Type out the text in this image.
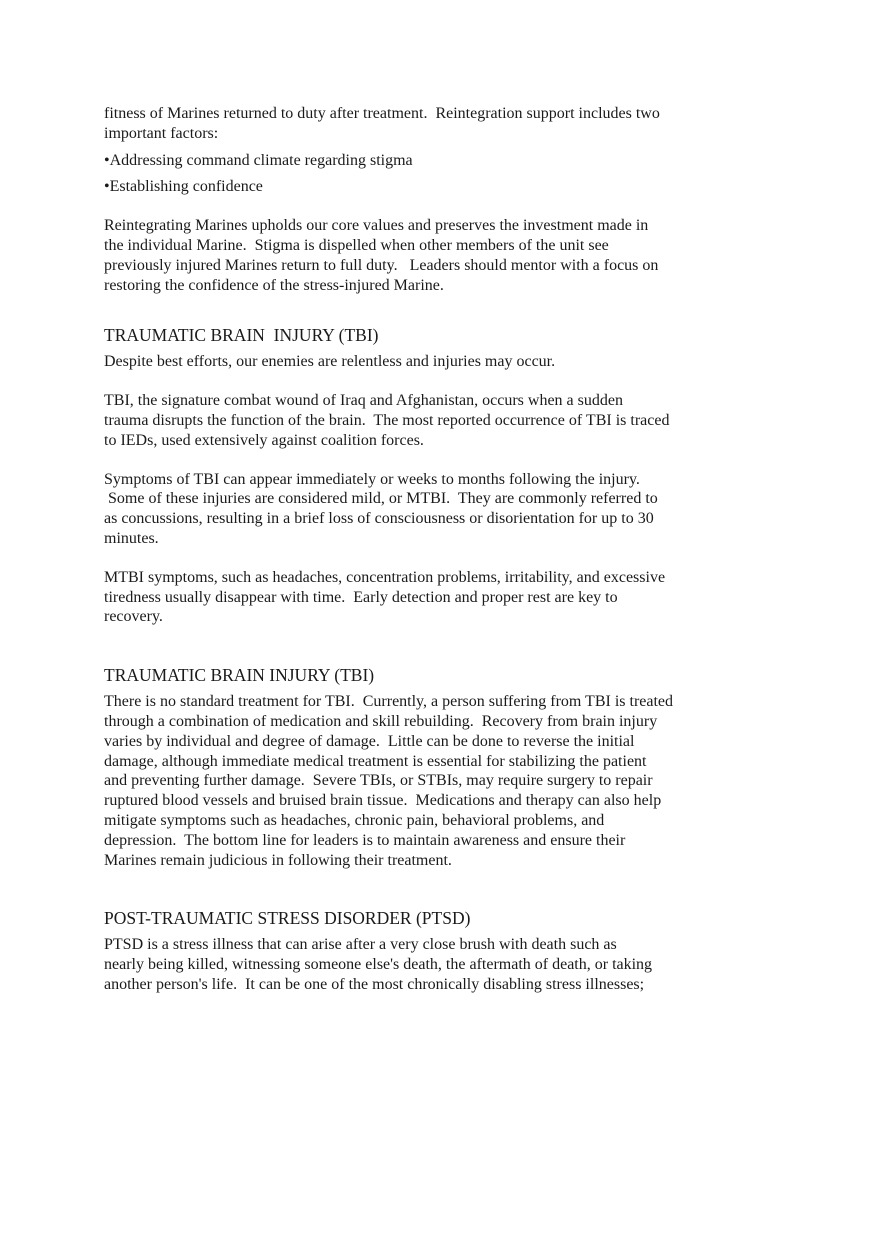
fitness of Marines returned to duty after treatment.  Reintegration support includes two
important factors:
•Addressing command climate regarding stigma
•Establishing confidence
Reintegrating Marines upholds our core values and preserves the investment made in
the individual Marine.  Stigma is dispelled when other members of the unit see
previously injured Marines return to full duty.   Leaders should mentor with a focus on
restoring the confidence of the stress-injured Marine.
TRAUMATIC BRAIN  INJURY (TBI)
Despite best efforts, our enemies are relentless and injuries may occur.
TBI, the signature combat wound of Iraq and Afghanistan, occurs when a sudden
trauma disrupts the function of the brain.  The most reported occurrence of TBI is traced
to IEDs, used extensively against coalition forces.
Symptoms of TBI can appear immediately or weeks to months following the injury.
Some of these injuries are considered mild, or MTBI.  They are commonly referred to
as concussions, resulting in a brief loss of consciousness or disorientation for up to 30
minutes.
MTBI symptoms, such as headaches, concentration problems, irritability, and excessive
tiredness usually disappear with time.  Early detection and proper rest are key to
recovery.
TRAUMATIC BRAIN INJURY (TBI)
There is no standard treatment for TBI.  Currently, a person suffering from TBI is treated
through a combination of medication and skill rebuilding.  Recovery from brain injury
varies by individual and degree of damage.  Little can be done to reverse the initial
damage, although immediate medical treatment is essential for stabilizing the patient
and preventing further damage.  Severe TBIs, or STBIs, may require surgery to repair
ruptured blood vessels and bruised brain tissue.  Medications and therapy can also help
mitigate symptoms such as headaches, chronic pain, behavioral problems, and
depression.  The bottom line for leaders is to maintain awareness and ensure their
Marines remain judicious in following their treatment.
POST-TRAUMATIC STRESS DISORDER (PTSD)
PTSD is a stress illness that can arise after a very close brush with death such as
nearly being killed, witnessing someone else's death, the aftermath of death, or taking
another person's life.  It can be one of the most chronically disabling stress illnesses;
